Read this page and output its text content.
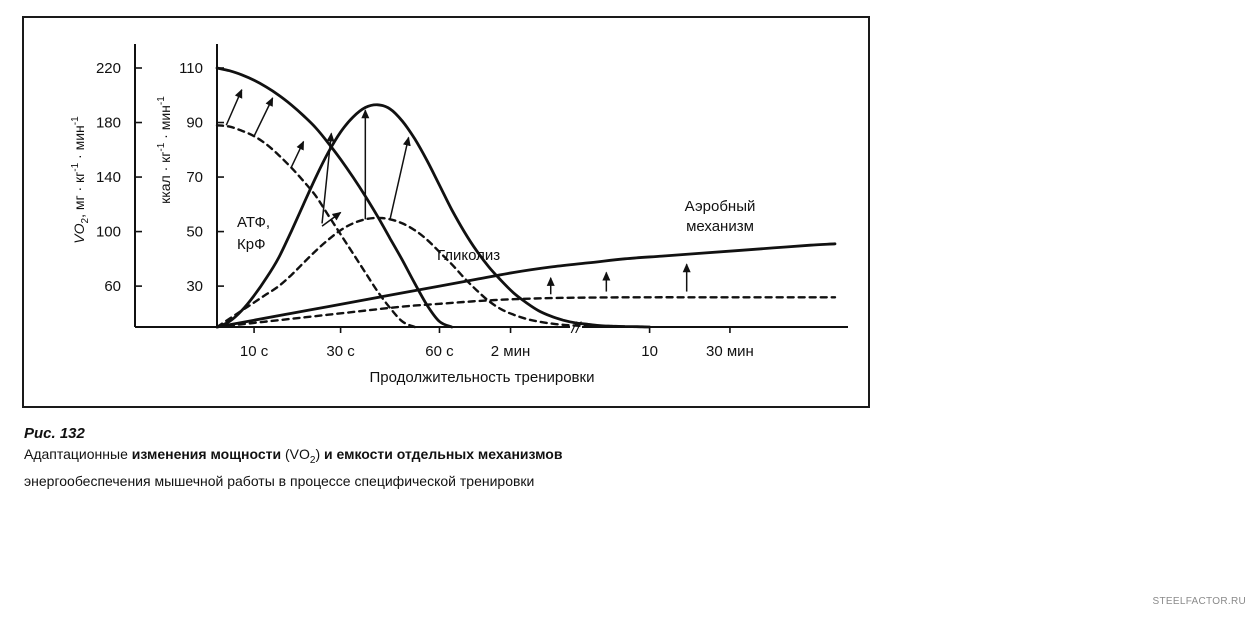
//
$VO_2$, мг · $кг^{-1} \cdot мин^{-1}$
ккал · $кг^{-1} \cdot мин^{-1}$
Продолжительность тренировки
АТФ,
КрФ
Гликолиз
Аэробный
механизм
220
180
140
100
60
110
90
70
50
30
10 с	30 с	60 с 2 мин	10	30 мин
Рис. 132
Адаптационные изменения мощности $(VO_2)$ и емкости отдельных механизмов
энергообеспечения мышечной работы в процессе специфической тренировки
STEELFACTOR.RU
